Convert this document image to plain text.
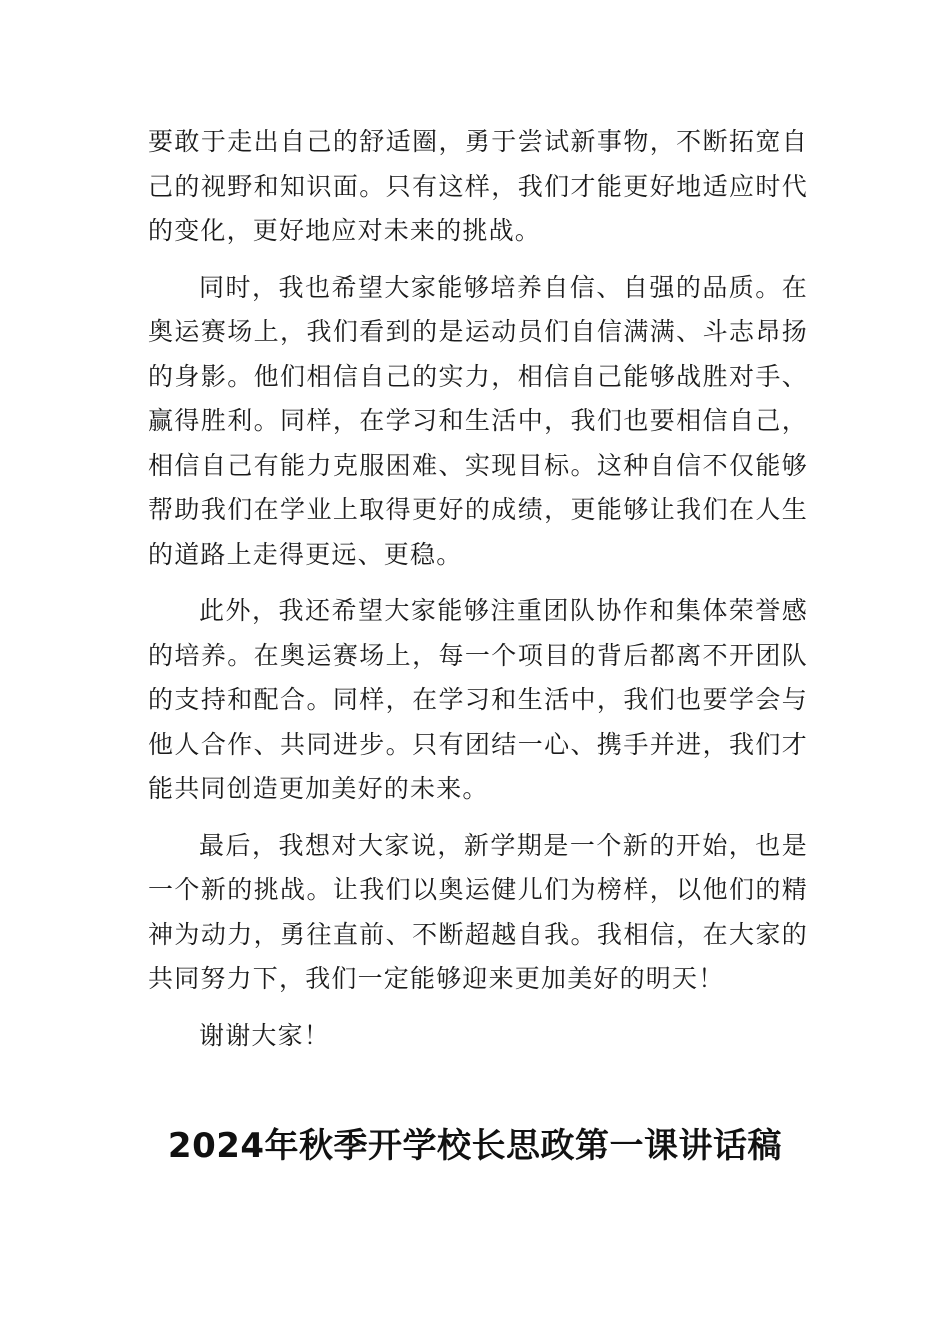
要敢于走出自己的舒适圈，勇于尝试新事物，不断拓宽自己的视野和知识面。只有这样，我们才能更好地适应时代的变化，更好地应对未来的挑战。

同时，我也希望大家能够培养自信、自强的品质。在奥运赛场上，我们看到的是运动员们自信满满、斗志昂扬的身影。他们相信自己的实力，相信自己能够战胜对手、赢得胜利。同样，在学习和生活中，我们也要相信自己，相信自己有能力克服困难、实现目标。这种自信不仅能够帮助我们在学业上取得更好的成绩，更能够让我们在人生的道路上走得更远、更稳。

此外，我还希望大家能够注重团队协作和集体荣誉感的培养。在奥运赛场上，每一个项目的背后都离不开团队的支持和配合。同样，在学习和生活中，我们也要学会与他人合作、共同进步。只有团结一心、携手并进，我们才能共同创造更加美好的未来。

最后，我想对大家说，新学期是一个新的开始，也是一个新的挑战。让我们以奥运健儿们为榜样，以他们的精神为动力，勇往直前、不断超越自我。我相信，在大家的共同努力下，我们一定能够迎来更加美好的明天！

谢谢大家！

2024年秋季开学校长思政第一课讲话稿
